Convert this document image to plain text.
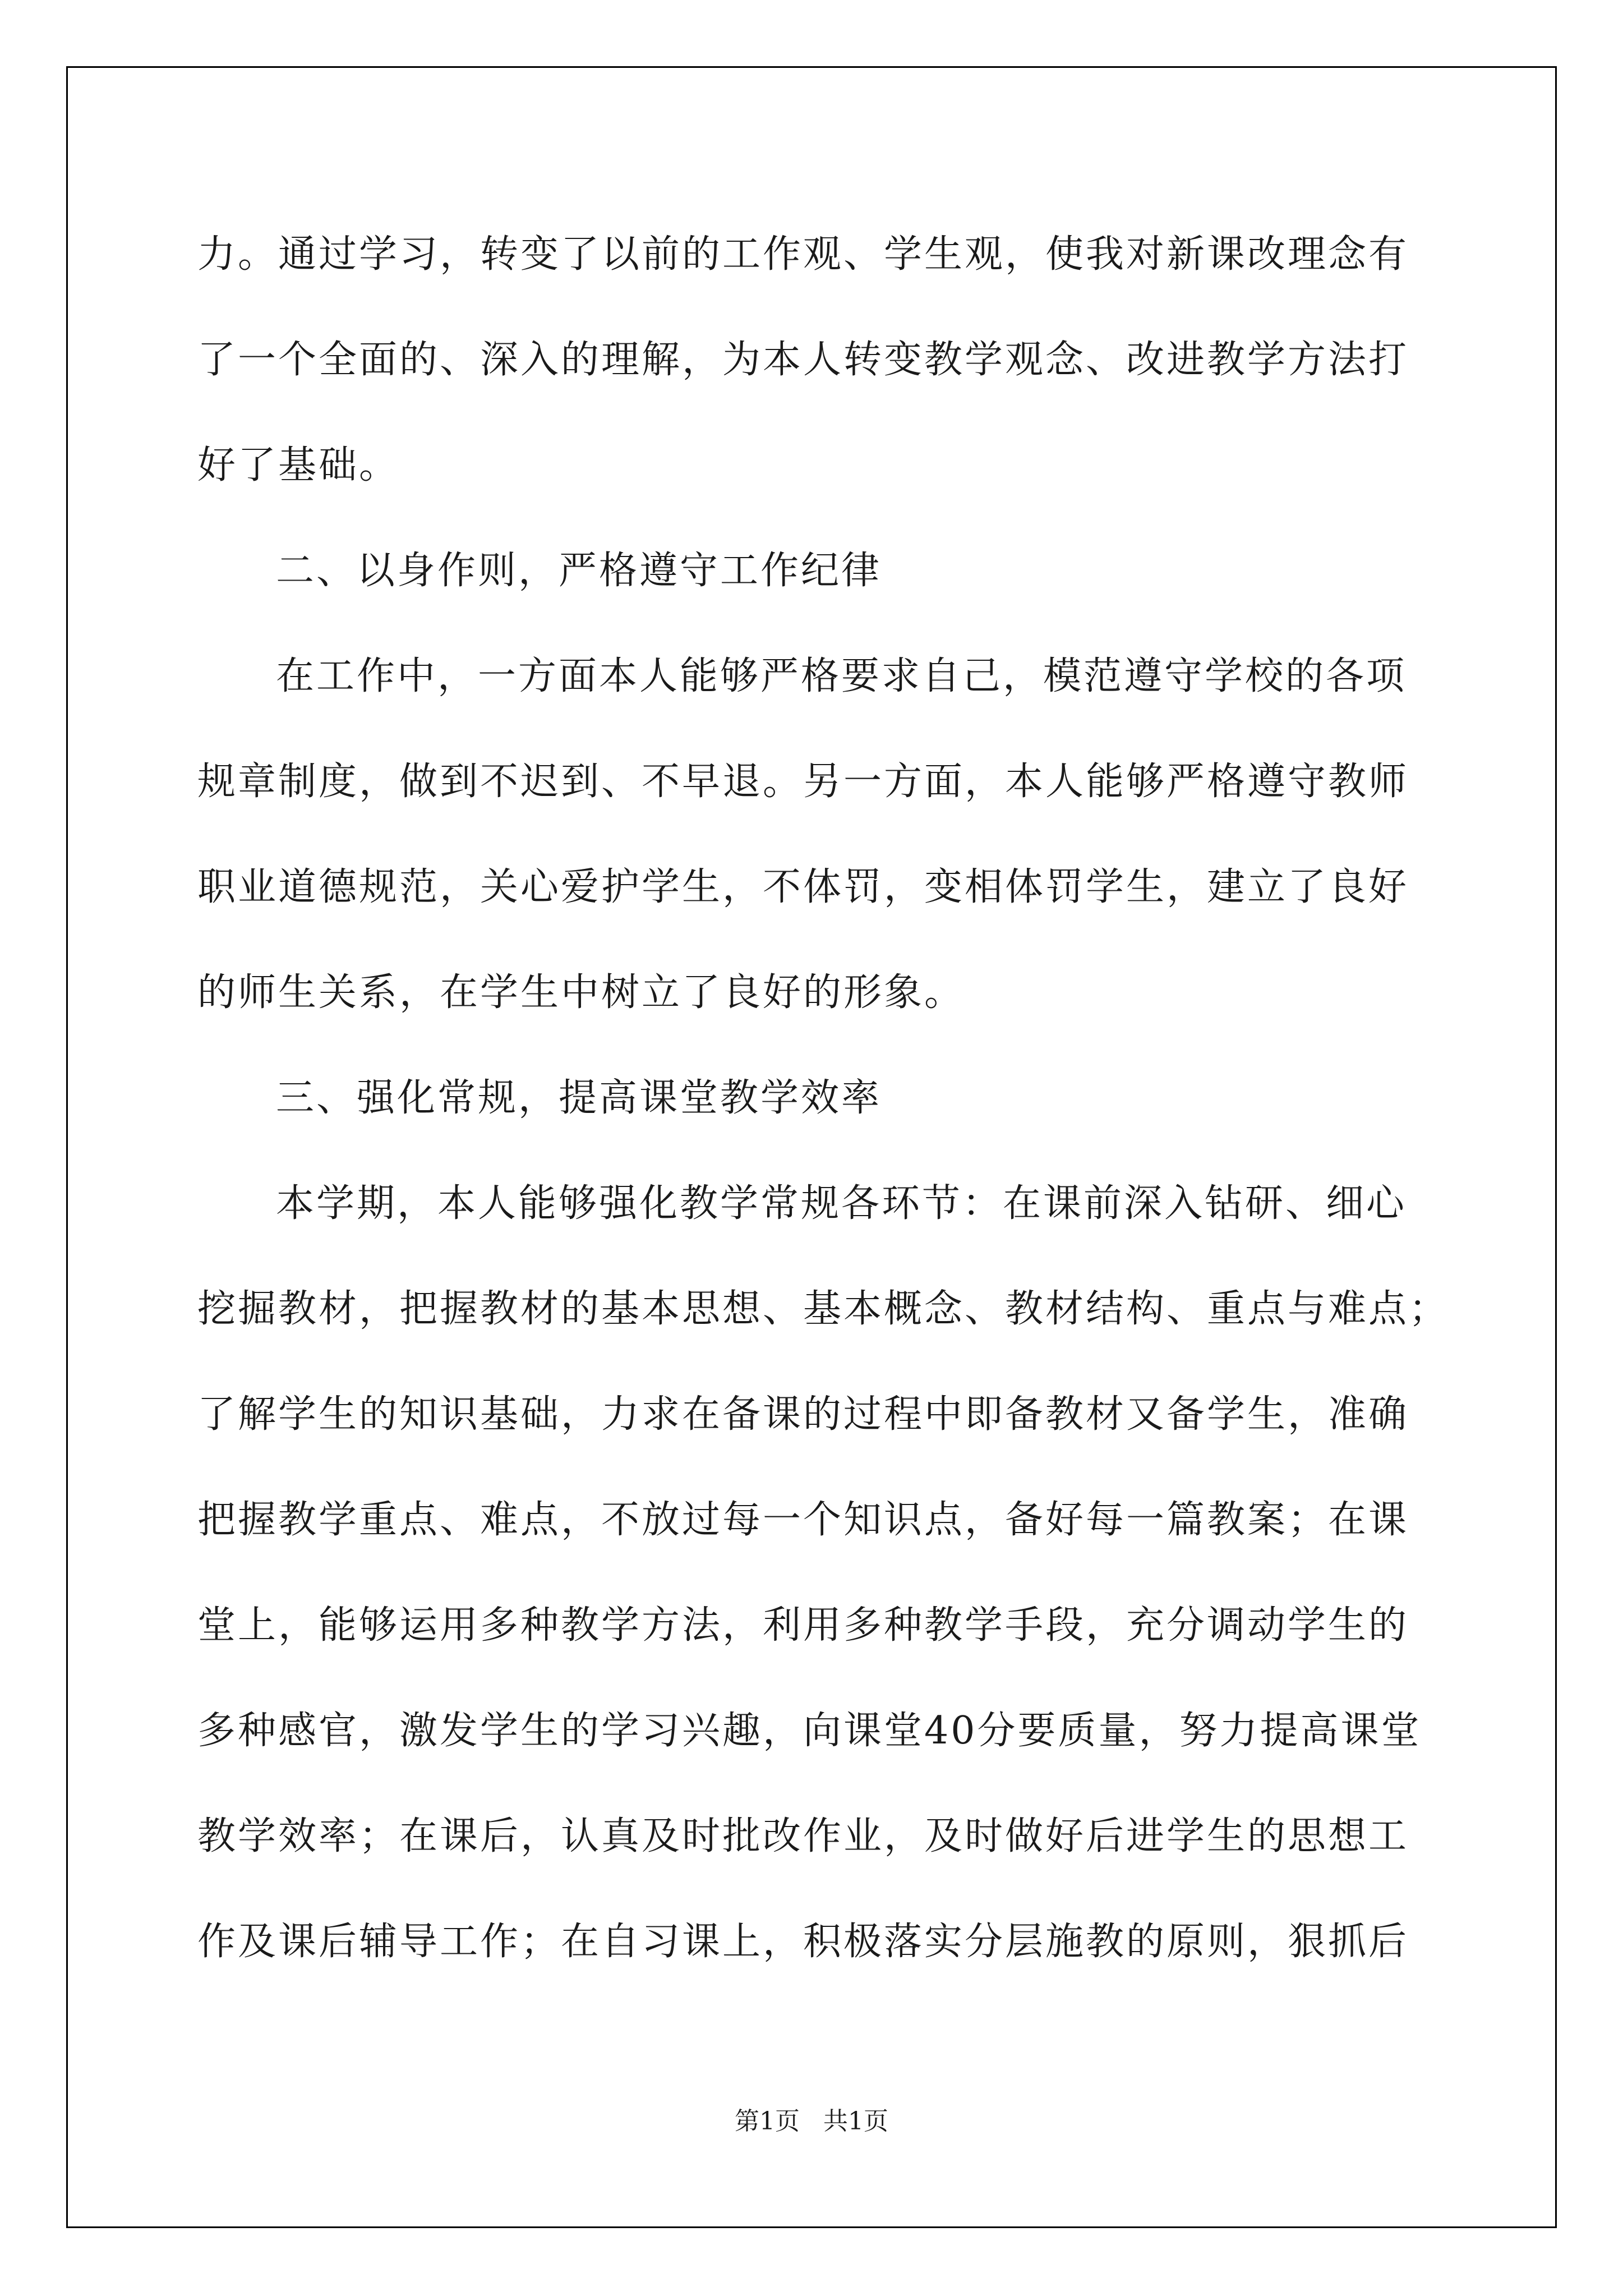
力。通过学习，转变了以前的工作观、学生观，使我对新课改理念有
了一个全面的、深入的理解，为本人转变教学观念、改进教学方法打
好了基础。
二、以身作则，严格遵守工作纪律
在工作中，一方面本人能够严格要求自己，模范遵守学校的各项
规章制度，做到不迟到、不早退。另一方面，本人能够严格遵守教师
职业道德规范，关心爱护学生，不体罚，变相体罚学生，建立了良好
的师生关系，在学生中树立了良好的形象。
三、强化常规，提高课堂教学效率
本学期，本人能够强化教学常规各环节：在课前深入钻研、细心
挖掘教材，把握教材的基本思想、基本概念、教材结构、重点与难点；
了解学生的知识基础，力求在备课的过程中即备教材又备学生，准确
把握教学重点、难点，不放过每一个知识点，备好每一篇教案；在课
堂上，能够运用多种教学方法，利用多种教学手段，充分调动学生的
多种感官，激发学生的学习兴趣，向课堂40分要质量，努力提高课堂
教学效率；在课后，认真及时批改作业，及时做好后进学生的思想工
作及课后辅导工作；在自习课上，积极落实分层施教的原则，狠抓后
第1页 共1页
